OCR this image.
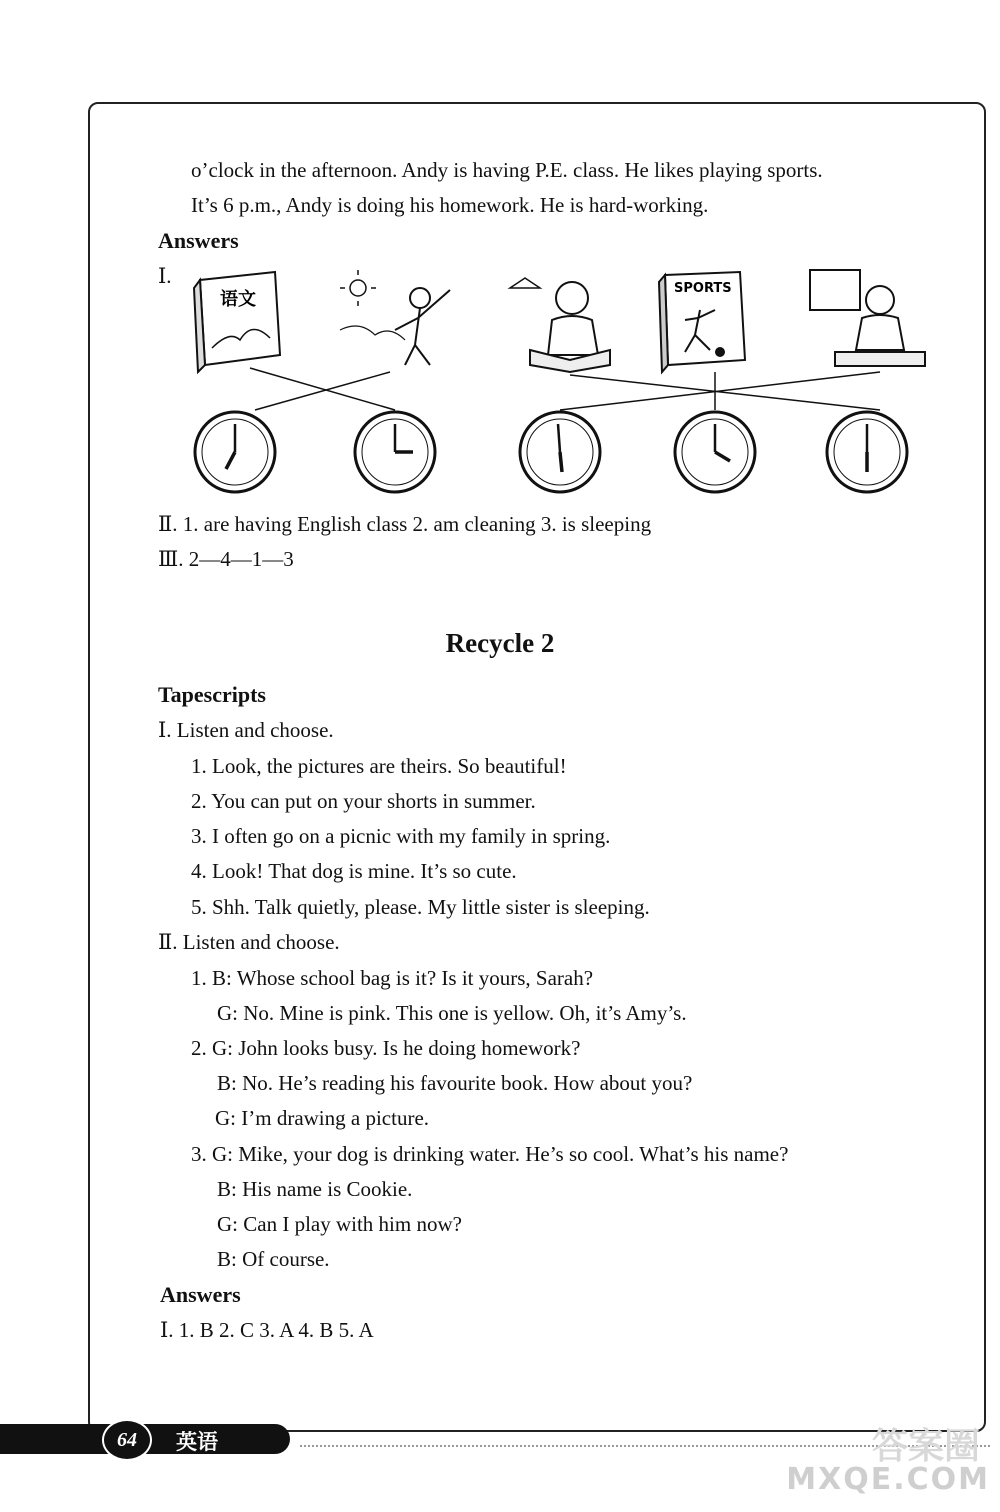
o’clock in the afternoon. Andy is having P.E. class. He likes playing sports.
It’s 6 p.m., Andy is doing his homework. He is hard-working.
Answers
Ⅰ.
语文
SPORTS
Ⅱ. 1. are having English class 2. am cleaning 3. is sleeping
Ⅲ. 2—4—1—3
Recycle 2
Tapescripts
Ⅰ. Listen and choose.
1. Look, the pictures are theirs. So beautiful!
2. You can put on your shorts in summer.
3. I often go on a picnic with my family in spring.
4. Look! That dog is mine. It’s so cute.
5. Shh. Talk quietly, please. My little sister is sleeping.
Ⅱ. Listen and choose.
1. B: Whose school bag is it? Is it yours, Sarah?
G: No. Mine is pink. This one is yellow. Oh, it’s Amy’s.
2. G: John looks busy. Is he doing homework?
B: No. He’s reading his favourite book. How about you?
G: I’m drawing a picture.
3. G: Mike, your dog is drinking water. He’s so cool. What’s his name?
B: His name is Cookie.
G: Can I play with him now?
B: Of course.
Answers
Ⅰ. 1. B 2. C 3. A 4. B 5. A
64	英语	答案圈
MXQE.COM
